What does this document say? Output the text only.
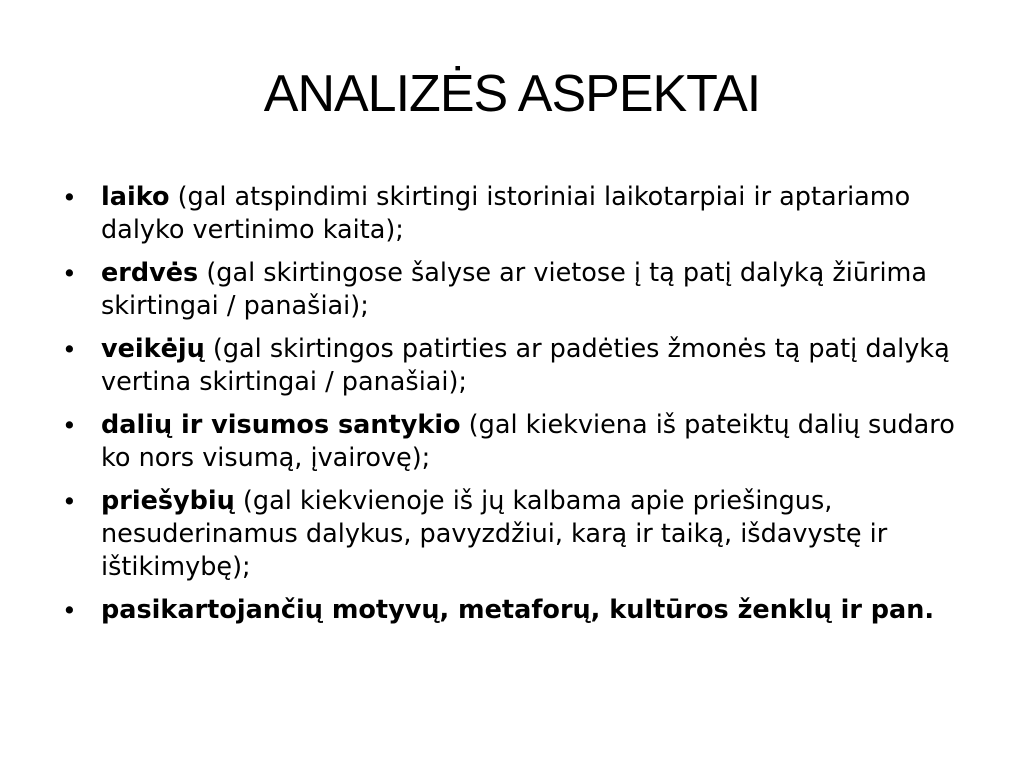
ANALIZĖS ASPEKTAI
• laiko (gal atspindimi skirtingi istoriniai laikotarpiai ir aptariamo dalyko vertinimo kaita);
• erdvės (gal skirtingose šalyse ar vietose į tą patį dalyką žiūrima skirtingai / panašiai);
• veikėjų (gal skirtingos patirties ar padėties žmonės tą patį dalyką vertina skirtingai / panašiai);
• dalių ir visumos santykio (gal kiekviena iš pateiktų dalių sudaro ko nors visumą, įvairovę);
• priešybių (gal kiekvienoje iš jų kalbama apie priešingus, nesuderinamus dalykus, pavyzdžiui, karą ir taiką, išdavystę ir ištikimybę);
• pasikartojančių motyvų, metaforų, kultūros ženklų ir pan.
